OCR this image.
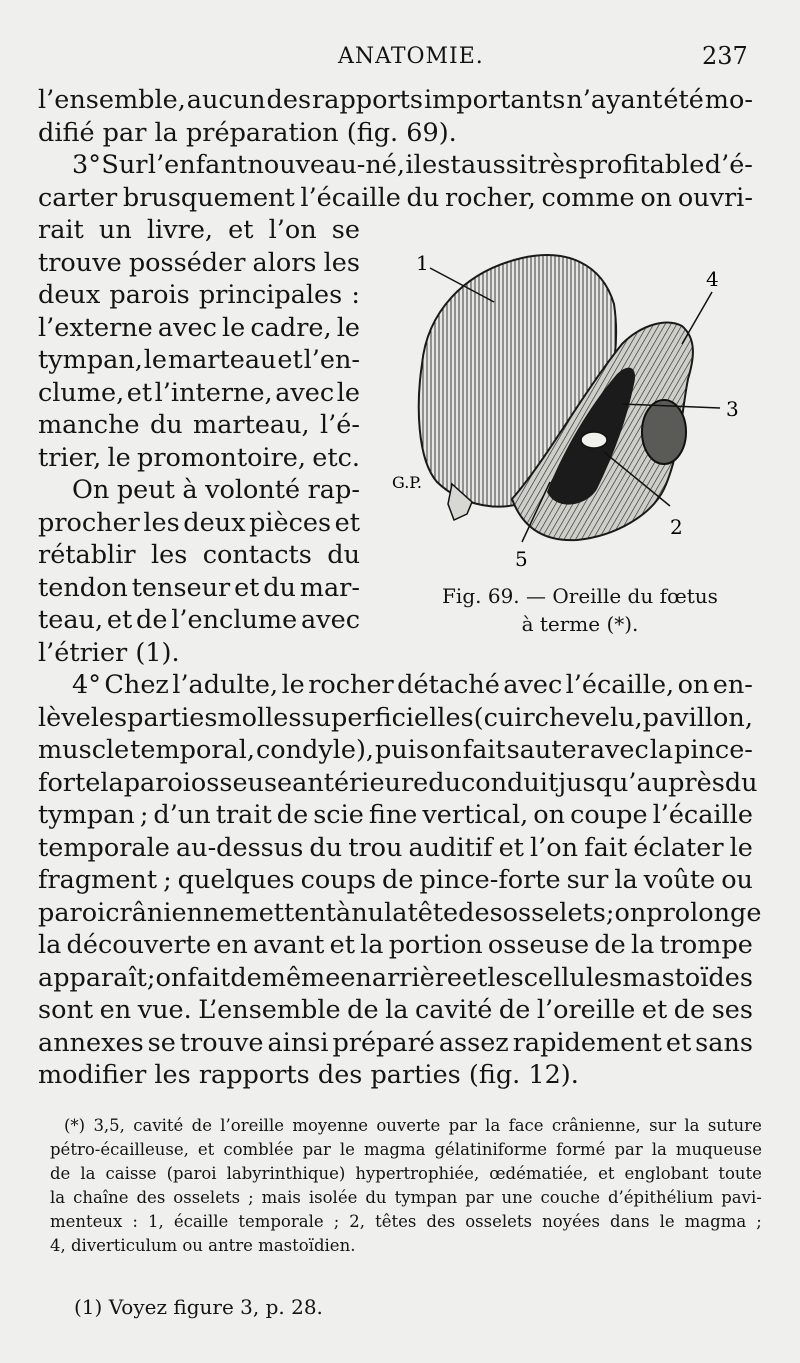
ANATOMIE.	237
l’ensemble, aucun des rapports importants n’ayant été mo-
difié par la préparation (fig. 69).
3° Sur l’enfant nouveau-né, il est aussi très profitable d’é-
carter brusquement l’écaille du rocher, comme on ouvri-
rait un livre, et l’on se
trouve posséder alors les
deux parois principales :
l’externe avec le cadre, le
tympan, le marteau et l’en-
clume, et l’interne, avec le
manche du marteau, l’é-
trier, le promontoire, etc.
On peut à volonté rap-
procher les deux pièces et
rétablir les contacts du
tendon tenseur et du mar-
teau, et de l’enclume avec
l’étrier (1).
4° Chez l’adulte, le rocher détaché avec l’écaille, on en-
lève les parties molles superficielles (cuir chevelu, pavillon,
muscle temporal, condyle), puis on fait sauter avec la pince-
forte la paroi osseuse antérieure du conduit jusqu’auprès du
tympan ; d’un trait de scie fine vertical, on coupe l’écaille
temporale au-dessus du trou auditif et l’on fait éclater le
fragment ; quelques coups de pince-forte sur la voûte ou
paroi crânienne mettent à nu la tête des osselets ; on prolonge
la découverte en avant et la portion osseuse de la trompe
apparaît ; on fait de même en arrière et les cellules mastoïdes
sont en vue. L’ensemble de la cavité de l’oreille et de ses
annexes se trouve ainsi préparé assez rapidement et sans
modifier les rapports des parties (fig. 12).
1
4
3
2
5
G.P.
Fig. 69. — Oreille du fœtus
à terme (*).
(*) 3,5, cavité de l’oreille moyenne ouverte par la face crânienne, sur la suture
pétro-écailleuse, et comblée par le magma gélatiniforme formé par la muqueuse
de la caisse (paroi labyrinthique) hypertrophiée, œdématiée, et englobant toute
la chaîne des osselets ; mais isolée du tympan par une couche d’épithélium pavi-
menteux : 1, écaille temporale ; 2, têtes des osselets noyées dans le magma ;
4, diverticulum ou antre mastoïdien.
(1) Voyez figure 3, p. 28.
